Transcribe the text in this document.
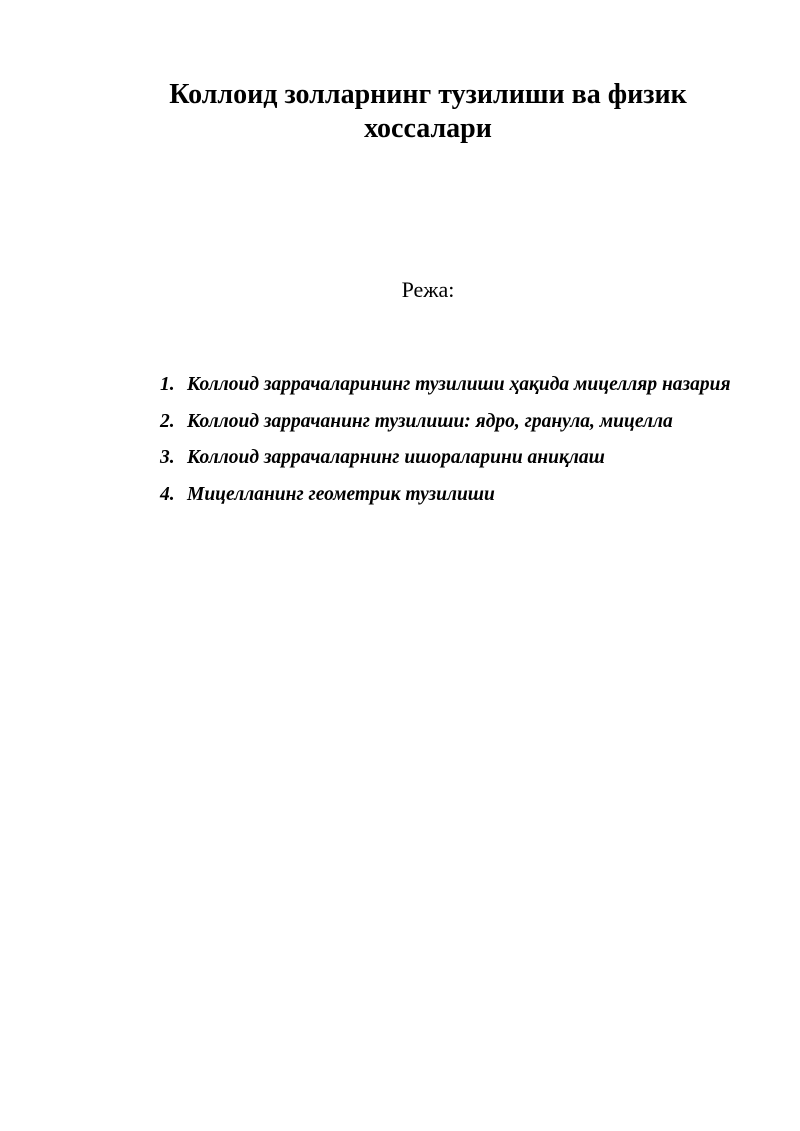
Коллоид золларнинг тузилиши ва физик хоссалари

Режа:

1. Коллоид заррачаларининг тузилиши ҳақида мицелляр назария
2. Коллоид заррачанинг тузилиши: ядро, гранула, мицелла
3. Коллоид заррачаларнинг ишораларини аниқлаш
4. Мицелланинг геометрик тузилиши
